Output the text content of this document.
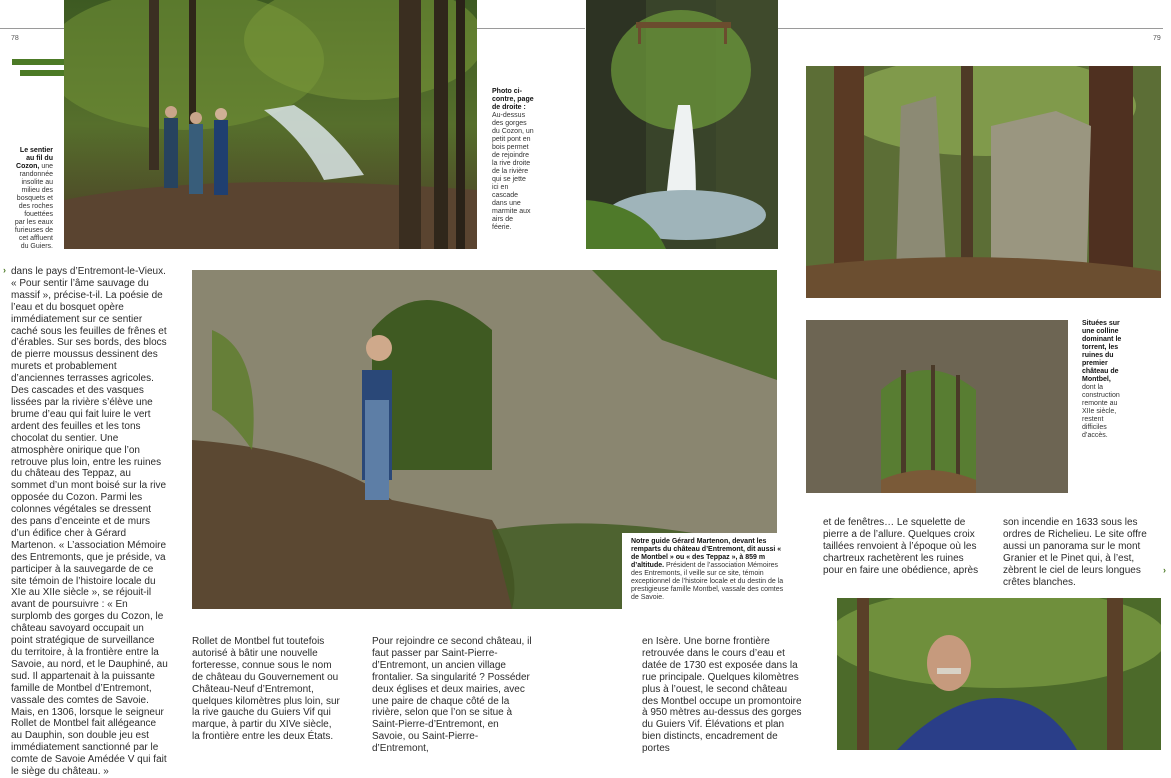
78	79
Le sentier au fil du Cozon, une randonnée insolite au milieu des bosquets et des roches fouettées par les eaux furieuses de cet affluent du Guiers.
Photo ci-contre, page de droite : Au-dessus des gorges du Cozon, un petit pont en bois permet de rejoindre la rive droite de la rivière qui se jette ici en cascade dans une marmite aux airs de féerie.
Notre guide Gérard Martenon, devant les remparts du château d’Entremont, dit aussi « de Montbel » ou « des Teppaz », à 859 m d’altitude. Président de l’association Mémoires des Entremonts, il veille sur ce site, témoin exceptionnel de l’histoire locale et du destin de la prestigieuse famille Montbel, vassale des comtes de Savoie.
Situées sur une colline dominant le torrent, les ruines du premier château de Montbel, dont la construction remonte au XIIe siècle, restent difficiles d’accès.
›
›

dans le pays d’Entremont-le-Vieux. « Pour sentir l’âme sauvage du massif », précise-t-il. La poésie de l’eau et du bosquet opère immédiatement sur ce sentier caché sous les feuilles de frênes et d’érables. Sur ses bords, des blocs de pierre moussus dessinent des murets et probablement d’anciennes terrasses agricoles. Des cascades et des vasques lissées par la rivière s’élève une brume d’eau qui fait luire le vert ardent des feuilles et les tons chocolat du sentier. Une atmosphère onirique que l’on retrouve plus loin, entre les ruines du château des Teppaz, au sommet d’un mont boisé sur la rive opposée du Cozon. Parmi les colonnes végétales se dressent des pans d’enceinte et de murs d’un édifice cher à Gérard Martenon. « L’association Mémoire des Entremonts, que je préside, va participer à la sauvegarde de ce site témoin de l’histoire locale du XIe au XIIe siècle », se réjouit-il avant de poursuivre : « En surplomb des gorges du Cozon, le château savoyard occupait un point stratégique de surveillance du territoire, à la frontière entre la Savoie, au nord, et le Dauphiné, au sud. Il appartenait à la puissante famille de Montbel d’Entremont, vassale des comtes de Savoie. Mais, en 1306, lorsque le seigneur Rollet de Montbel fait allégeance au Dauphin, son double jeu est immédiatement sanctionné par le comte de Savoie Amédée V qui fait le siège du château. »

Rollet de Montbel fut toutefois autorisé à bâtir une nouvelle forteresse, connue sous le nom de château du Gouvernement ou Château-Neuf d’Entremont, quelques kilomètres plus loin, sur la rive gauche du Guiers Vif qui marque, à partir du XIVe siècle, la frontière entre les deux États.

Pour rejoindre ce second château, il faut passer par Saint-Pierre-d’Entremont, un ancien village frontalier. Sa singularité ? Posséder deux églises et deux mairies, avec une paire de chaque côté de la rivière, selon que l’on se situe à Saint-Pierre-d’Entremont, en Savoie, ou Saint-Pierre-d’Entremont,

en Isère. Une borne frontière retrouvée dans le cours d’eau et datée de 1730 est exposée dans la rue principale. Quelques kilomètres plus à l’ouest, le second château des Montbel occupe un promontoire à 950 mètres au-dessus des gorges du Guiers Vif. Élévations et plan bien distincts, encadrement de portes

et de fenêtres… Le squelette de pierre a de l’allure. Quelques croix taillées renvoient à l’époque où les chartreux rachetèrent les ruines pour en faire une obédience, après

son incendie en 1633 sous les ordres de Richelieu. Le site offre aussi un panorama sur le mont Granier et le Pinet qui, à l’est, zèbrent le ciel de leurs longues crêtes blanches.
